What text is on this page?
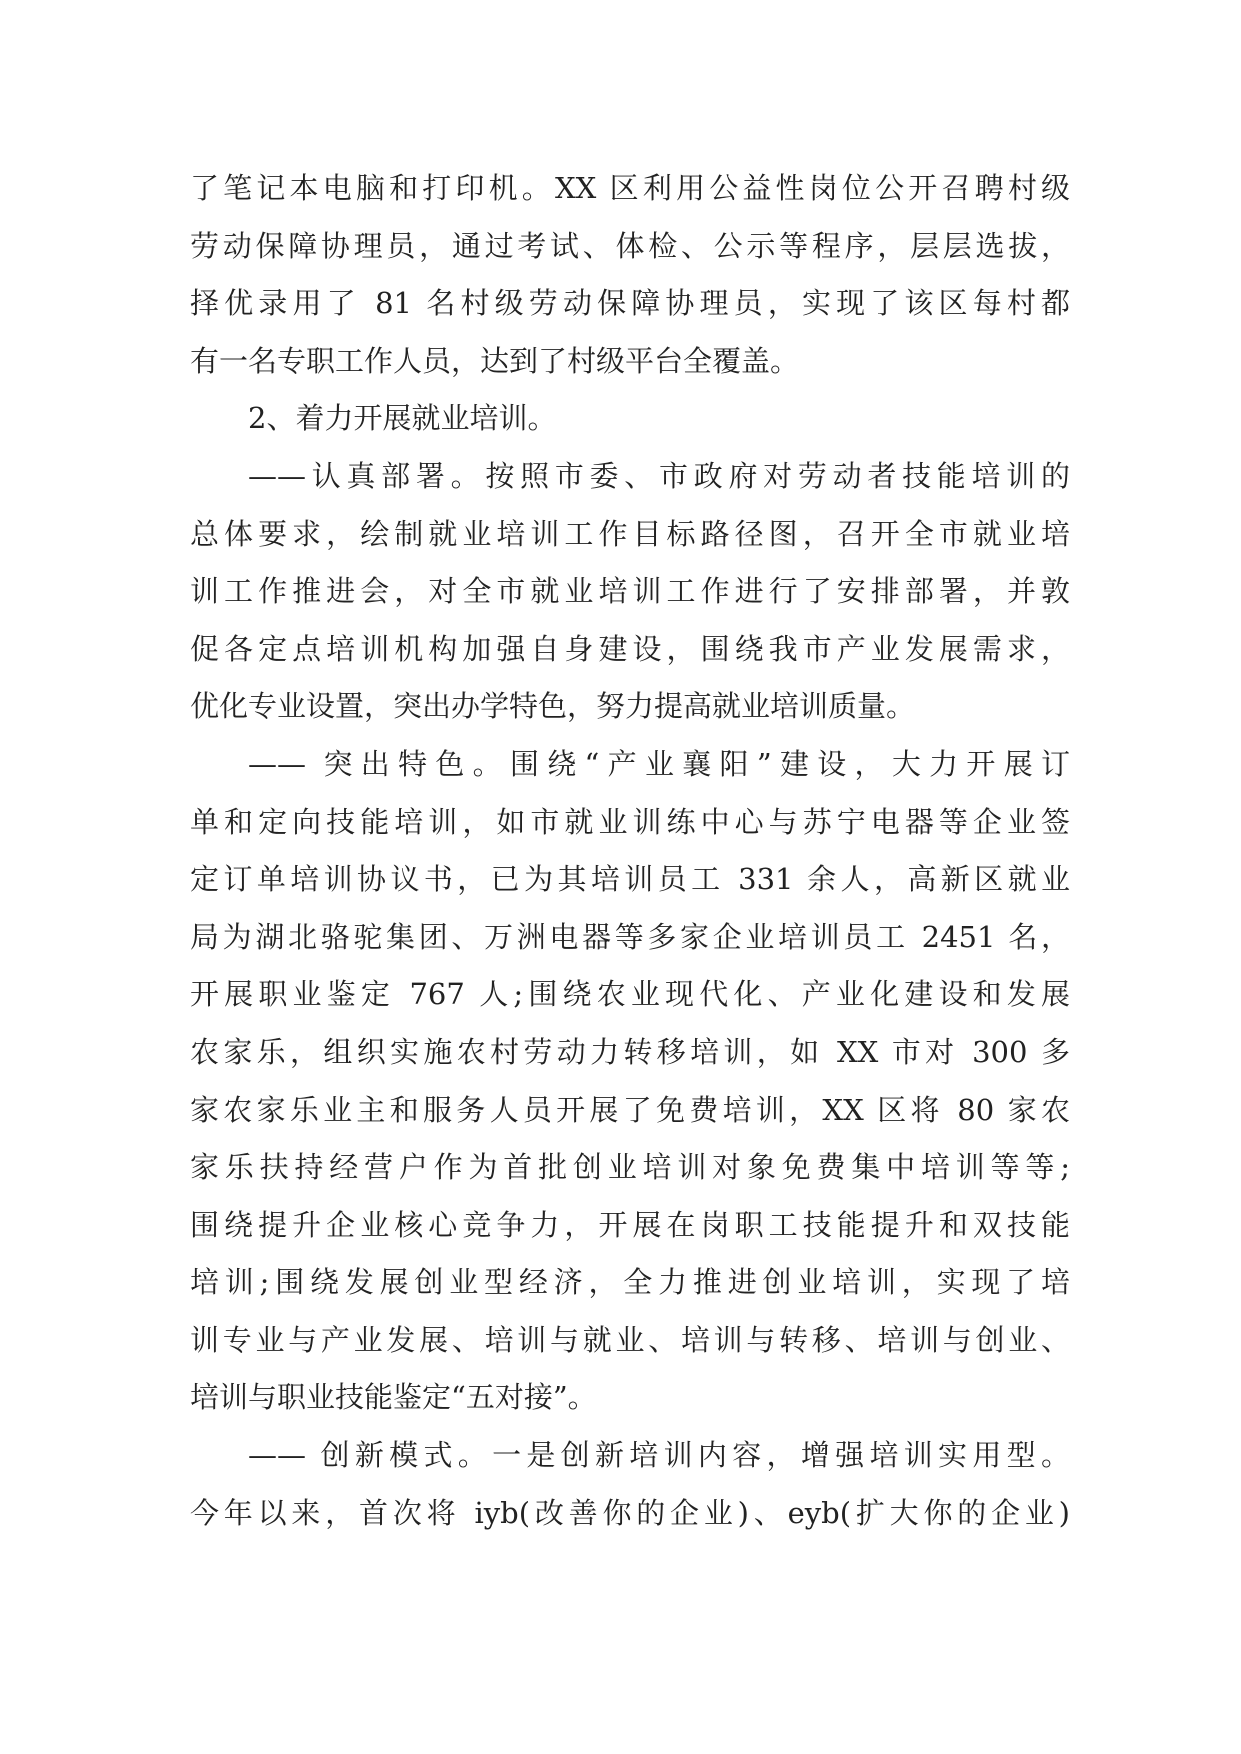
了笔记本电脑和打印机。XX 区利用公益性岗位公开召聘村级
劳动保障协理员，通过考试、体检、公示等程序，层层选拔，
择优录用了 81 名村级劳动保障协理员，实现了该区每村都
有一名专职工作人员，达到了村级平台全覆盖。
2、着力开展就业培训。
——认真部署。按照市委、市政府对劳动者技能培训的
总体要求，绘制就业培训工作目标路径图，召开全市就业培
训工作推进会，对全市就业培训工作进行了安排部署，并敦
促各定点培训机构加强自身建设，围绕我市产业发展需求，
优化专业设置，突出办学特色，努力提高就业培训质量。
—— 突出特色。围绕“产业襄阳”建设，大力开展订
单和定向技能培训，如市就业训练中心与苏宁电器等企业签
定订单培训协议书，已为其培训员工 331 余人，高新区就业
局为湖北骆驼集团、万洲电器等多家企业培训员工 2451 名，
开展职业鉴定 767 人;围绕农业现代化、产业化建设和发展
农家乐，组织实施农村劳动力转移培训，如 XX 市对 300 多
家农家乐业主和服务人员开展了免费培训，XX 区将 80 家农
家乐扶持经营户作为首批创业培训对象免费集中培训等等;
围绕提升企业核心竞争力，开展在岗职工技能提升和双技能
培训;围绕发展创业型经济，全力推进创业培训，实现了培
训专业与产业发展、培训与就业、培训与转移、培训与创业、
培训与职业技能鉴定“五对接”。
—— 创新模式。一是创新培训内容，增强培训实用型。
今年以来，首次将 iyb(改善你的企业)、eyb(扩大你的企业)
